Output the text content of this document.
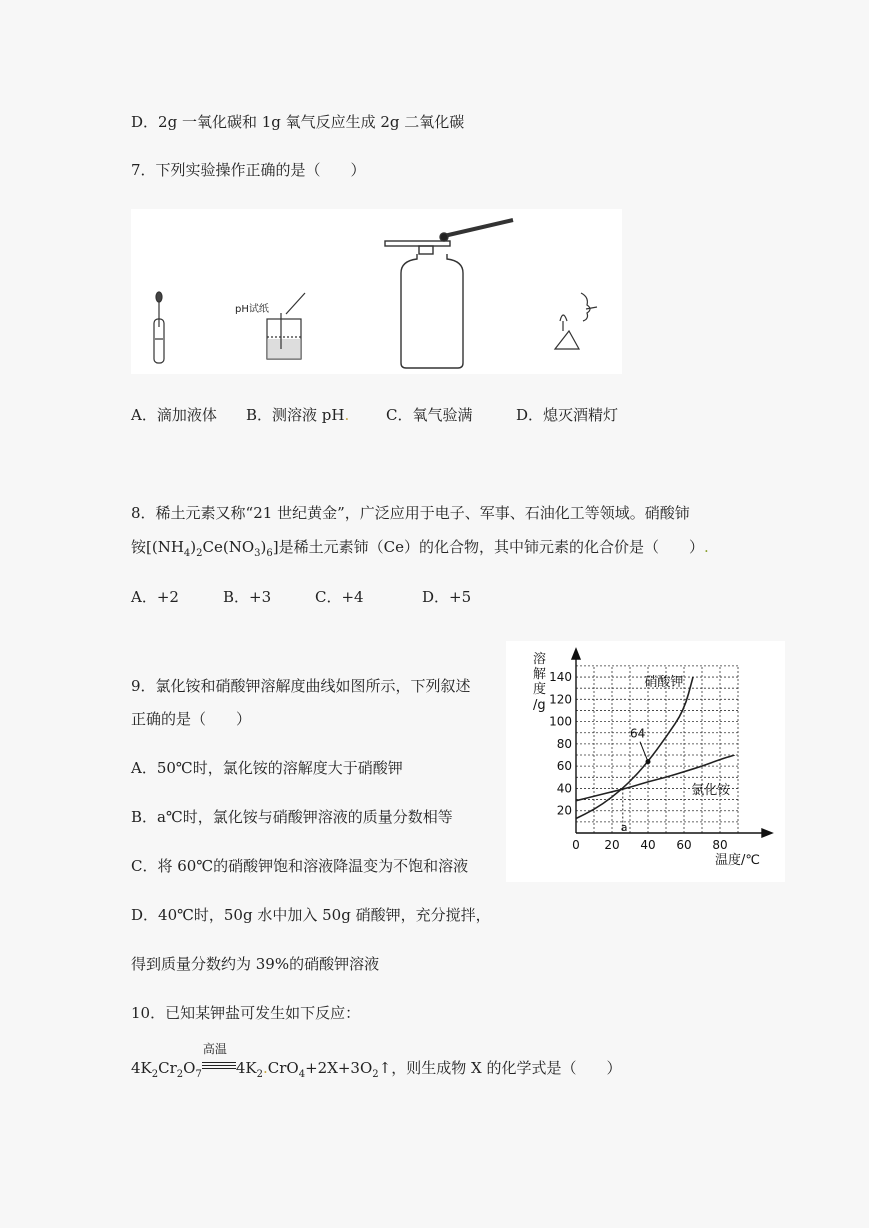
D．2g 一氧化碳和 1g 氧气反应生成 2g 二氧化碳
7．下列实验操作正确的是（　　）
pH试纸
A．滴加液体 B．测溶液 pH. C．氧气验满	D．熄灭酒精灯
8．稀土元素又称“21 世纪黄金”，广泛应用于电子、军事、石油化工等领域。硝酸铈
铵$[(NH_4)_2Ce(NO_3)_6]$是稀土元素铈（Ce）的化合物，其中铈元素的化合价是（　　）.
A．+2	B．+3	C．+4	D．+5
9．氯化铵和硝酸钾溶解度曲线如图所示，下列叙述
正确的是（　　）
A．50℃时，氯化铵的溶解度大于硝酸钾
B．a℃时，氯化铵与硝酸钾溶液的质量分数相等
C．将 60℃的硝酸钾饱和溶液降温变为不饱和溶液
D．40℃时，50g 水中加入 50g 硝酸钾，充分搅拌，
得到质量分数约为 39%的硝酸钾溶液
20
40
60
80
100
120
140
0 20 40 60 80
硝酸钾
氯化铵
64
a
溶
解
度
/g
温度/℃
10．已知某钾盐可发生如下反应：
$4K_2Cr_2O_7$
高温
$4K_2.CrO_4+2X+3O_2↑$，则生成物 X 的化学式是（　　）
